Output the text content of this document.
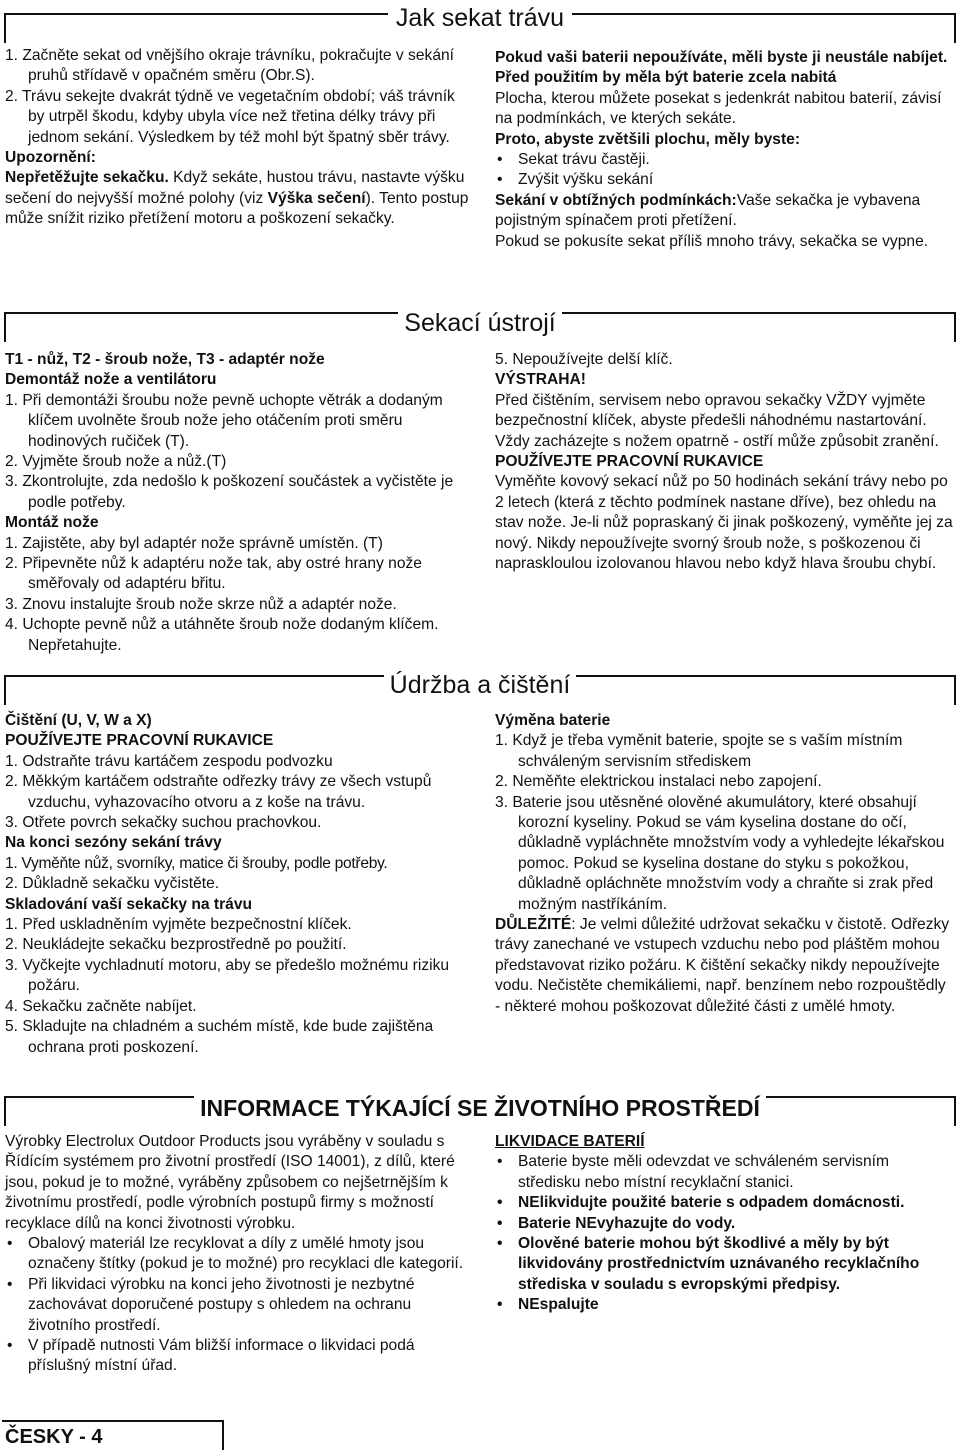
Jak sekat trávu

1. Začněte sekat od vnějšího okraje trávníku, pokračujte v sekání pruhů střídavě v opačném směru (Obr.S).

2. Trávu sekejte dvakrát týdně ve vegetačním období; váš trávník by utrpěl škodu, kdyby ubyla více než třetina délky trávy při jednom sekání. Výsledkem by též mohl být špatný sběr trávy.

Upozornění:

Nepřetěžujte sekačku. Když sekáte, hustou trávu, nastavte výšku sečení do nejvyšší možné polohy (viz Výška sečení). Tento postup může snížit riziko přetížení motoru a poškození sekačky.

Pokud vaši baterii nepoužíváte, měli byste ji neustále nabíjet. Před použitím by měla být baterie zcela nabitá

Plocha, kterou můžete posekat s jedenkrát nabitou baterií, závisí na podmínkách, ve kterých sekáte.

Proto, abyste zvětšili plochu, měly byste:

• Sekat trávu častěji.

• Zvýšit výšku sekání

Sekání v obtížných podmínkách:Vaše sekačka je vybavena pojistným spínačem proti přetížení.

Pokud se pokusíte sekat příliš mnoho trávy, sekačka se vypne.

Sekací ústrojí

T1 - nůž, T2 - šroub nože, T3 - adaptér nože

Demontáž nože a ventilátoru

1. Při demontáži šroubu nože pevně uchopte větrák a dodaným klíčem uvolněte šroub nože jeho otáčením proti směru hodinových ručiček (T).

2. Vyjměte šroub nože a nůž.(T)

3. Zkontrolujte, zda nedošlo k poškození součástek a vyčistěte je podle potřeby.

Montáž nože

1. Zajistěte, aby byl adaptér nože správně umístěn. (T)

2. Připevněte nůž k adaptéru nože tak, aby ostré hrany nože směřovaly od adaptéru břitu.

3. Znovu instalujte šroub nože skrze nůž a adaptér nože.

4. Uchopte pevně nůž a utáhněte šroub nože dodaným klíčem. Nepřetahujte.

5. Nepoužívejte delší klíč.

VÝSTRAHA!

Před čištěním, servisem nebo opravou sekačky VŽDY vyjměte bezpečnostní klíček, abyste předešli náhodnému nastartování. Vždy zacházejte s nožem opatrně - ostří může způsobit zranění.

POUŽÍVEJTE PRACOVNÍ RUKAVICE

Vyměňte kovový sekací nůž po 50 hodinách sekání trávy nebo po 2 letech (která z těchto podmínek nastane dříve), bez ohledu na stav nože. Je-li nůž popraskaný či jinak poškozený, vyměňte jej za nový. Nikdy nepoužívejte svorný šroub nože, s poškozenou či napraskloulou izolovanou hlavou nebo když hlava šroubu chybí.

Údržba a čištění

Čištění (U, V, W a X)

POUŽÍVEJTE PRACOVNÍ RUKAVICE

1. Odstraňte trávu kartáčem zespodu podvozku

2. Měkkým kartáčem odstraňte odřezky trávy ze všech vstupů vzduchu, vyhazovacího otvoru a z koše na trávu.

3. Otřete povrch sekačky suchou prachovkou.

Na konci sezóny sekání trávy

1. Vyměňte nůž, svorníky, matice či šrouby, podle potřeby.

2. Důkladně sekačku vyčistěte.

Skladování vaší sekačky na trávu

1. Před uskladněním vyjměte bezpečnostní klíček.

2. Neukládejte sekačku bezprostředně po použití.

3. Vyčkejte vychladnutí motoru, aby se předešlo možnému riziku požáru.

4. Sekačku začněte nabíjet.

5. Skladujte na chladném a suchém místě, kde bude zajištěna ochrana proti poskození.

Výměna baterie

1. Když je třeba vyměnit baterie, spojte se s vaším místním schváleným servisním střediskem

2. Neměňte elektrickou instalaci nebo zapojení.

3. Baterie jsou utěsněné olověné akumulátory, které obsahují korozní kyseliny. Pokud se vám kyselina dostane do očí, důkladně vypláchněte množstvím vody a vyhledejte lékařskou pomoc. Pokud se kyselina dostane do styku s pokožkou, důkladně opláchněte množstvím vody a chraňte si zrak před možným nastříkáním.

DŮLEŽITÉ: Je velmi důležité udržovat sekačku v čistotě. Odřezky trávy zanechané ve vstupech vzduchu nebo pod pláštěm mohou představovat riziko požáru. K čištění sekačky nikdy nepoužívejte vodu. Nečistěte chemikáliemi, např. benzínem nebo rozpouštědly - některé mohou poškozovat důležité části z umělé hmoty.

INFORMACE TÝKAJÍCÍ SE ŽIVOTNÍHO PROSTŘEDÍ

Výrobky Electrolux Outdoor Products jsou vyráběny v souladu s Řídícím systémem pro životní prostředí (ISO 14001), z dílů, které jsou, pokud je to možné, vyráběny způsobem co nejšetrnějším k životnímu prostředí, podle výrobních postupů firmy s možností recyklace dílů na konci životnosti výrobku.

• Obalový materiál lze recyklovat a díly z umělé hmoty jsou označeny štítky (pokud je to možné) pro recyklaci dle kategorií.

• Při likvidaci výrobku na konci jeho životnosti je nezbytné zachovávat doporučené postupy s ohledem na ochranu životního prostředí.

• V případě nutnosti Vám bližší informace o likvidaci podá příslušný místní úřad.

LIKVIDACE BATERIÍ

• Baterie byste měli odevzdat ve schváleném servisním středisku nebo místní recyklační stanici.

• NElikvidujte použité baterie s odpadem domácnosti.

• Baterie NEvyhazujte do vody.

• Olověné baterie mohou být škodlivé a měly by být likvidovány prostřednictvím uznávaného recyklačního střediska v souladu s evropskými předpisy.

• NEspalujte

ČESKY - 4
